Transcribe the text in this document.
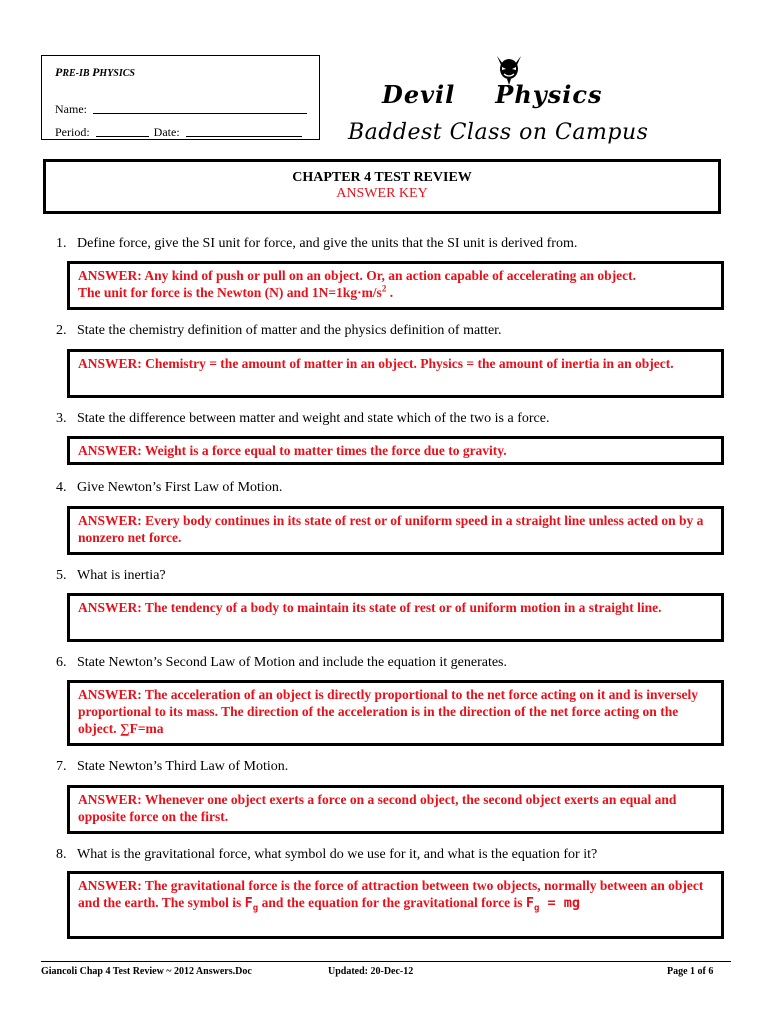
PRE-IB PHYSICS
Name:
Period:	Date:
Devil Physics
Baddest Class on Campus
CHAPTER 4 TEST REVIEW
ANSWER KEY
1. Define force, give the SI unit for force, and give the units that the SI unit is derived from.
ANSWER: Any kind of push or pull on an object. Or, an action capable of accelerating an object.
The unit for force is the Newton (N) and $1N=1kg\cdot m/s^2$ .
2. State the chemistry definition of matter and the physics definition of matter.
ANSWER: Chemistry = the amount of matter in an object. Physics = the amount of inertia in an object.
3. State the difference between matter and weight and state which of the two is a force.
ANSWER: Weight is a force equal to matter times the force due to gravity.
4. Give Newton’s First Law of Motion.
ANSWER: Every body continues in its state of rest or of uniform speed in a straight line unless acted on by a nonzero net force.
5. What is inertia?
ANSWER: The tendency of a body to maintain its state of rest or of uniform motion in a straight line.
6. State Newton’s Second Law of Motion and include the equation it generates.
ANSWER: The acceleration of an object is directly proportional to the net force acting on it and is inversely proportional to its mass. The direction of the acceleration is in the direction of the net force acting on the object. ∑F=ma
7. State Newton’s Third Law of Motion.
ANSWER: Whenever one object exerts a force on a second object, the second object exerts an equal and opposite force on the first.
8. What is the gravitational force, what symbol do we use for it, and what is the equation for it?
ANSWER: The gravitational force is the force of attraction between two objects, normally between an object and the earth. The symbol is $F_g$ and the equation for the gravitational force is $F_g$ = mg
Giancoli Chap 4 Test Review ~ 2012 Answers.Doc	Updated: 20-Dec-12	Page 1 of 6
